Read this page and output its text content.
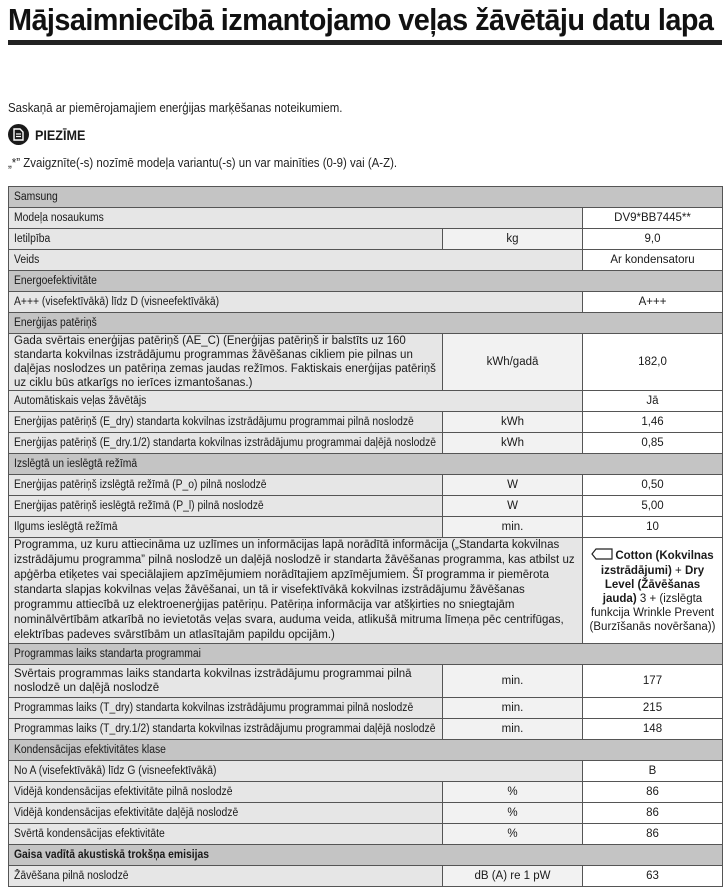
Mājsaimniecībā izmantojamo veļas žāvētāju datu lapa
Saskaņā ar piemērojamajiem enerģijas marķēšanas noteikumiem.
PIEZĪME
„*” Zvaigznīte(-s) nozīmē modeļa variantu(-s) un var mainīties (0-9) vai (A-Z).
Samsung		
Modeļa nosaukums		DV9*BB7445**
Ietilpība	kg	9,0
Veids		Ar kondensatoru
Energoefektivitāte		
A+++ (visefektīvākā) līdz D (visneefektīvākā)		A+++
Enerģijas patēriņš		

Gada svērtais enerģijas patēriņš (AE_C) (Enerģijas patēriņš ir balstīts uz 160 standarta kokvilnas izstrādājumu programmas žāvēšanas cikliem pie pilnas un daļējas noslodzes un patēriņa zemas jaudas režīmos. Faktiskais enerģijas patēriņš uz ciklu būs atkarīgs no ierīces izmantošanas.)	kWh/gadā	182,0
Automātiskais veļas žāvētājs		Jā
Enerģijas patēriņš (E_dry) standarta kokvilnas izstrādājumu programmai pilnā noslodzē	kWh	1,46
Enerģijas patēriņš (E_dry.1/2) standarta kokvilnas izstrādājumu programmai daļējā noslodzē	kWh	0,85
Izslēgtā un ieslēgtā režīmā		
Enerģijas patēriņš izslēgtā režīmā (P_o) pilnā noslodzē	W	0,50
Enerģijas patēriņš ieslēgtā režīmā (P_l) pilnā noslodzē	W	5,00
Ilgums ieslēgtā režīmā	min.	10

Programma, uz kuru attiecināma uz uzlīmes un informācijas lapā norādītā informācija („Standarta kokvilnas izstrādājumu programma” pilnā noslodzē un daļējā noslodzē ir standarta žāvēšanas programma, kas atbilst uz apģērba etiķetes vai speciālajiem apzīmējumiem norādītajiem apzīmējumiem. Šī programma ir piemērota standarta slapjas kokvilnas veļas žāvēšanai, un tā ir visefektīvākā kokvilnas izstrādājumu žāvēšanas programmu attiecībā uz elektroenerģijas patēriņu. Patēriņa informācija var atšķirties no sniegtajām nominālvērtībām atkarībā no ievietotās veļas svara, auduma veida, atlikušā mitruma līmeņa pēc centrifūgas, elektrības padeves svārstībām un atlasītajām papildu opcijām.)		Cotton (Kokvilnas izstrādājumi) + Dry Level (Žāvēšanas jauda) 3 + (izslēgta funkcija Wrinkle Prevent (Burzīšanās novēršana))
Programmas laiks standarta programmai		

Svērtais programmas laiks standarta kokvilnas izstrādājumu programmai pilnā noslodzē un daļējā noslodzē	min.	177
Programmas laiks (T_dry) standarta kokvilnas izstrādājumu programmai pilnā noslodzē	min.	215
Programmas laiks (T_dry.1/2) standarta kokvilnas izstrādājumu programmai daļējā noslodzē	min.	148
Kondensācijas efektivitātes klase		
No A (visefektīvākā) līdz G (visneefektīvākā)		B
Vidējā kondensācijas efektivitāte pilnā noslodzē	%	86
Vidējā kondensācijas efektivitāte daļējā noslodzē	%	86
Svērtā kondensācijas efektivitāte	%	86
Gaisa vadītā akustiskā trokšņa emisijas		
Žāvēšana pilnā noslodzē	dB (A) re 1 pW	63
